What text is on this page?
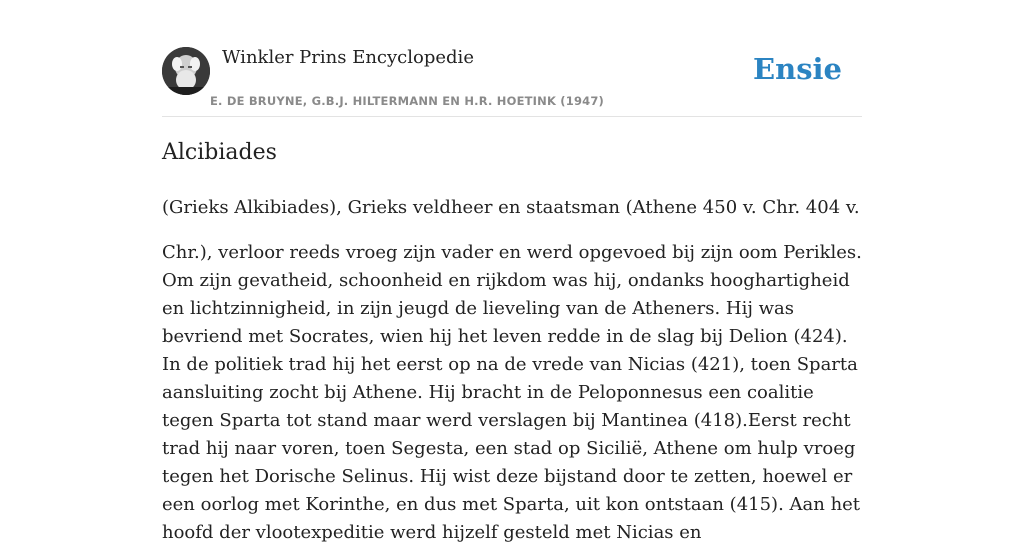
Winkler Prins Encyclopedie
E. DE BRUYNE, G.B.J. HILTERMANN EN H.R. HOETINK (1947)
Ensie
Alcibiades

(Grieks Alkibiades), Grieks veldheer en staatsman (Athene 450 v. Chr. 404 v.

Chr.), verloor reeds vroeg zijn vader en werd opgevoed bij zijn oom Perikles. Om zijn gevatheid, schoonheid en rijkdom was hij, ondanks hooghartigheid en lichtzinnigheid, in zijn jeugd de lieveling van de Atheners. Hij was bevriend met Socrates, wien hij het leven redde in de slag bij Delion (424). In de politiek trad hij het eerst op na de vrede van Nicias (421), toen Sparta aansluiting zocht bij Athene. Hij bracht in de Peloponnesus een coalitie tegen Sparta tot stand maar werd verslagen bij Mantinea (418).Eerst recht trad hij naar voren, toen Segesta, een stad op Sicilië, Athene om hulp vroeg tegen het Dorische Selinus. Hij wist deze bijstand door te zetten, hoewel er een oorlog met Korinthe, en dus met Sparta, uit kon ontstaan (415). Aan het hoofd der vlootexpeditie werd hijzelf gesteld met Nicias en
